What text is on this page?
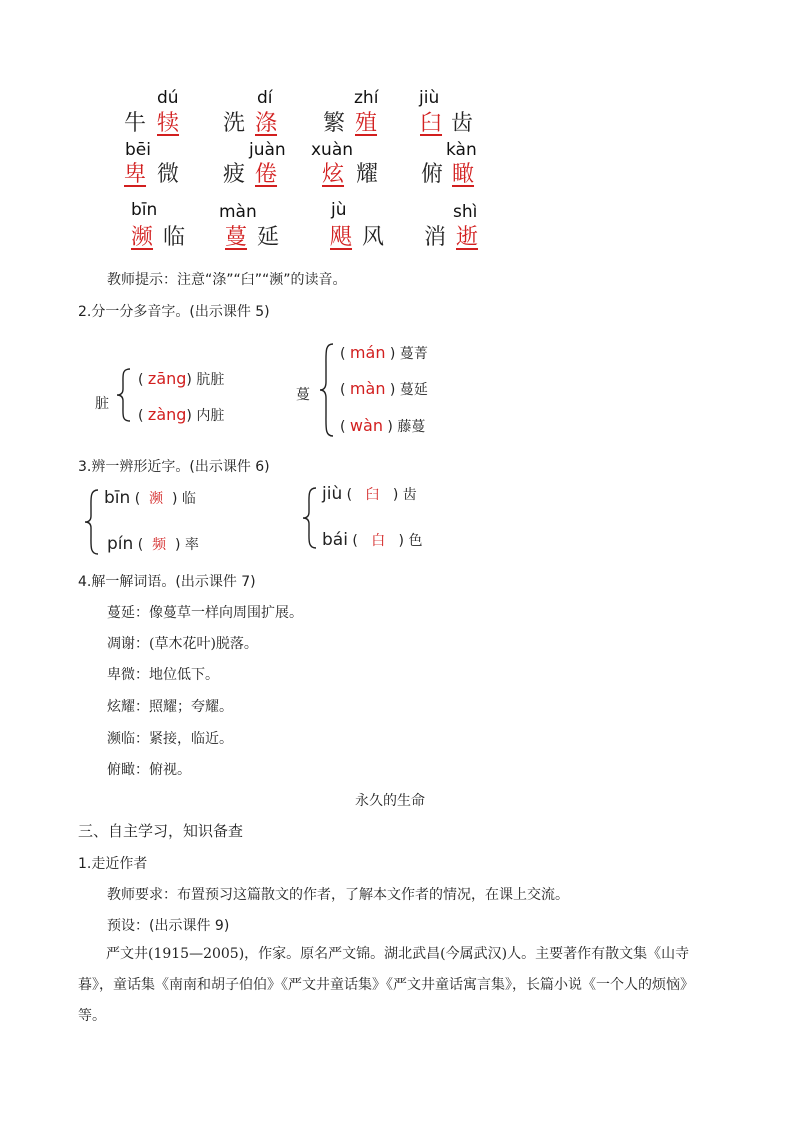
dú
牛 犊
dí
洗 涤
zhí
繁 殖
jiù
臼 齿
bēi
卑 微
juàn
疲 倦
xuàn
炫 耀
kàn
俯 瞰
bīn
濒 临
màn
蔓 延
jù
飓 风
shì
消 逝
教师提示：注意“涤”“臼”“濒”的读音。
2.分一分多音字。(出示课件 5)
脏
( zāng) 肮脏
( zàng) 内脏
蔓
( mán ) 蔓菁
( màn ) 蔓延
( wàn ) 藤蔓
3.辨一辨形近字。(出示课件 6)
bīn (  濒  ) 临
pín (  频  ) 率
jiù (   臼   ) 齿
bái (   白   ) 色
4.解一解词语。(出示课件 7)
蔓延：像蔓草一样向周围扩展。
凋谢：(草木花叶)脱落。
卑微：地位低下。
炫耀：照耀；夸耀。
濒临：紧接，临近。
俯瞰：俯视。
永久的生命
三、自主学习，知识备查
1.走近作者
教师要求：布置预习这篇散文的作者，了解本文作者的情况，在课上交流。
预设：(出示课件 9)
严文井(1915—2005)，作家。原名严文锦。湖北武昌(今属武汉)人。主要著作有散文集《山寺暮》，童话集《南南和胡子伯伯》《严文井童话集》《严文井童话寓言集》，长篇小说《一个人的烦恼》等。
